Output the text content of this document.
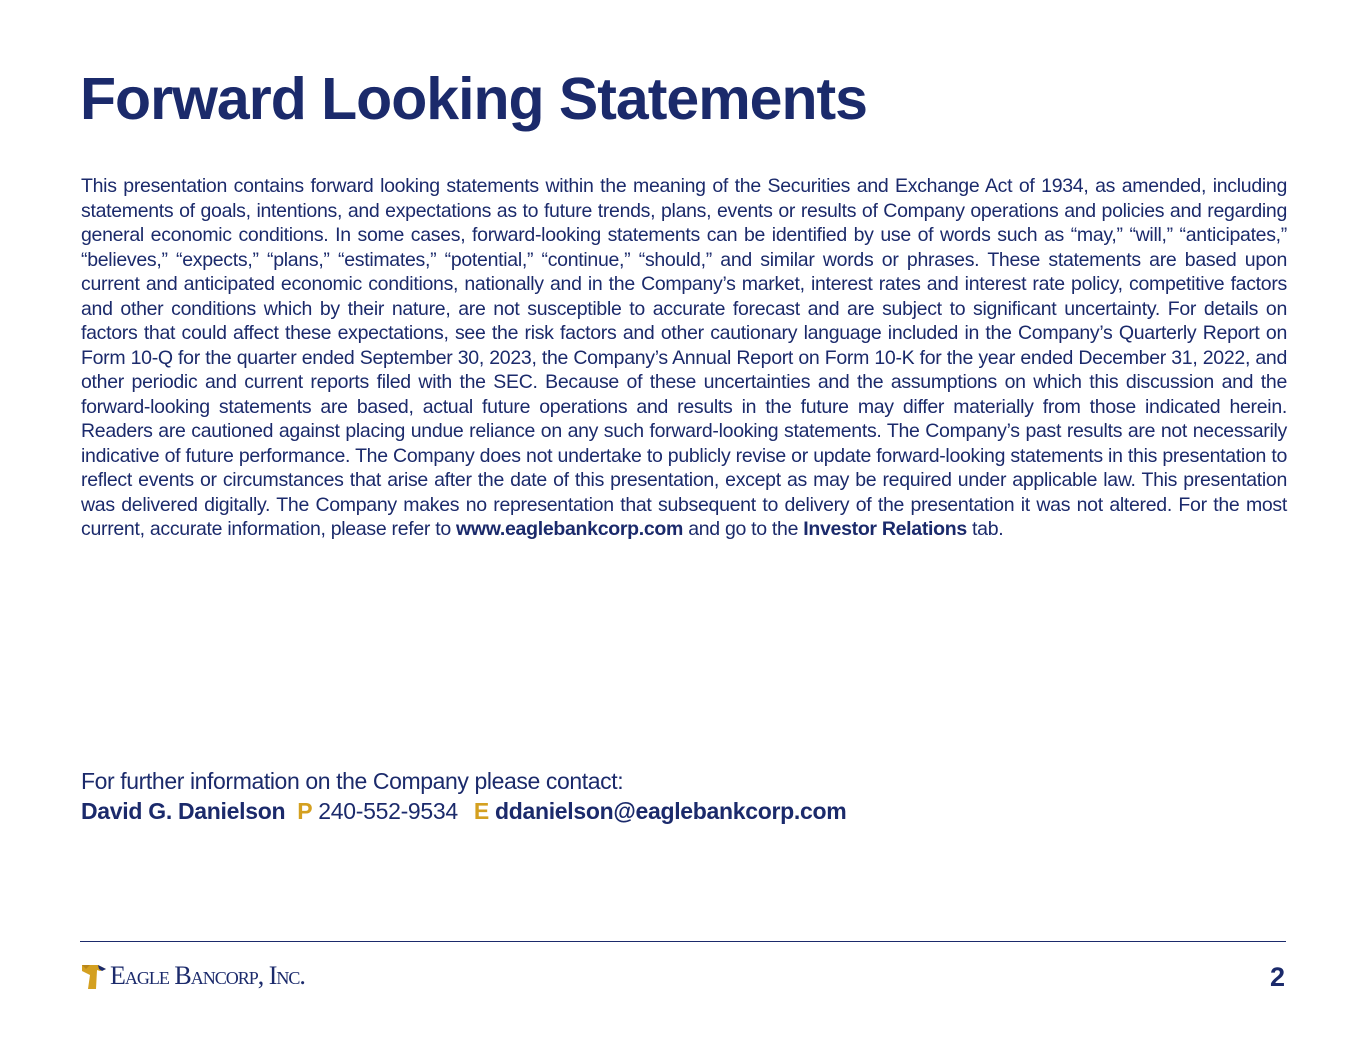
Forward Looking Statements

This presentation contains forward looking statements within the meaning of the Securities and Exchange Act of 1934, as amended, including statements of goals, intentions, and expectations as to future trends, plans, events or results of Company operations and policies and regarding general economic conditions. In some cases, forward-looking statements can be identified by use of words such as “may,” “will,” “anticipates,” “believes,” “expects,” “plans,” “estimates,” “potential,” “continue,” “should,” and similar words or phrases. These statements are based upon current and anticipated economic conditions, nationally and in the Company’s market, interest rates and interest rate policy, competitive factors and other conditions which by their nature, are not susceptible to accurate forecast and are subject to significant uncertainty. For details on factors that could affect these expectations, see the risk factors and other cautionary language included in the Company’s Quarterly Report on Form 10-Q for the quarter ended September 30, 2023, the Company’s Annual Report on Form 10-K for the year ended December 31, 2022, and other periodic and current reports filed with the SEC. Because of these uncertainties and the assumptions on which this discussion and the forward-looking statements are based, actual future operations and results in the future may differ materially from those indicated herein. Readers are cautioned against placing undue reliance on any such forward-looking statements. The Company’s past results are not necessarily indicative of future performance. The Company does not undertake to publicly revise or update forward-looking statements in this presentation to reflect events or circumstances that arise after the date of this presentation, except as may be required under applicable law. This presentation was delivered digitally. The Company makes no representation that subsequent to delivery of the presentation it was not altered. For the most current, accurate information, please refer to www.eaglebankcorp.com and go to the Investor Relations tab.

For further information on the Company please contact:
David G. Danielson P 240-552-9534 E ddanielson@eaglebankcorp.com
Eagle Bancorp, Inc.	2
